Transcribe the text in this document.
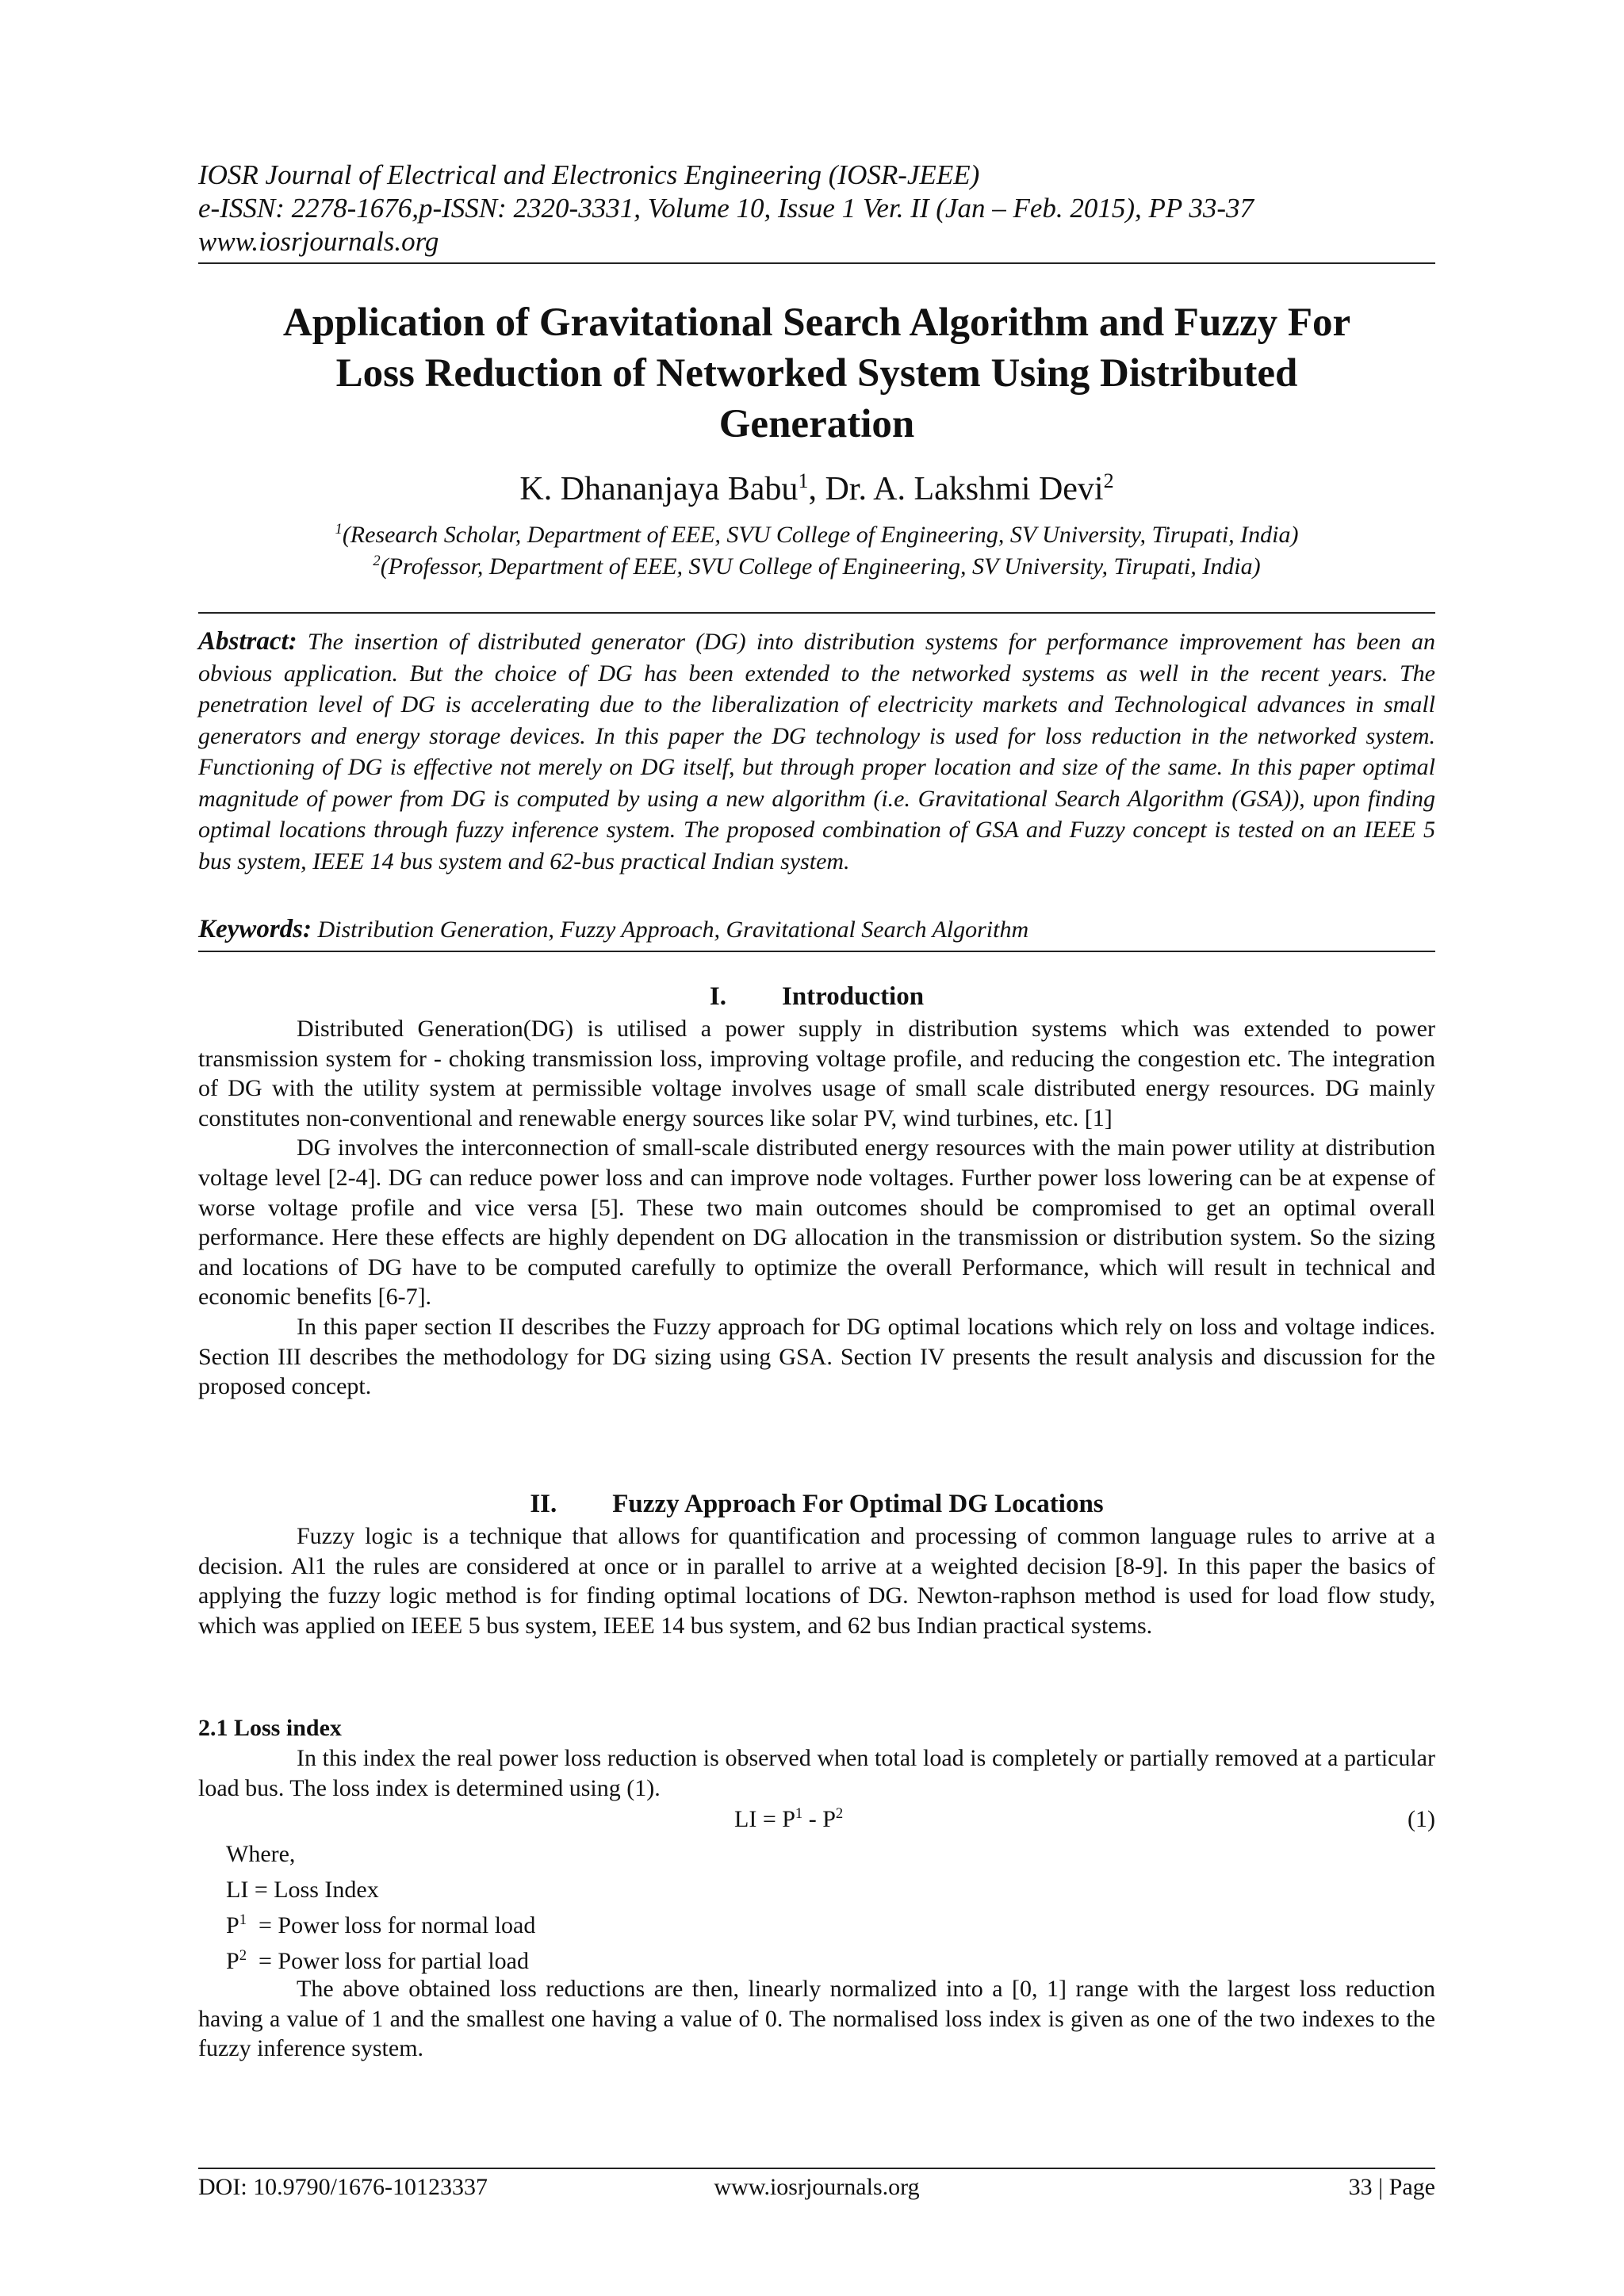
IOSR Journal of Electrical and Electronics Engineering (IOSR-JEEE)
e-ISSN: 2278-1676,p-ISSN: 2320-3331, Volume 10, Issue 1 Ver. II (Jan – Feb. 2015), PP 33-37
www.iosrjournals.org
Application of Gravitational Search Algorithm and Fuzzy For
Loss Reduction of Networked System Using Distributed
Generation
K. Dhananjaya Babu$^1$, Dr. A. Lakshmi Devi$^2$
$^1$(Research Scholar, Department of EEE, SVU College of Engineering, SV University, Tirupati, India)
$^2$(Professor, Department of EEE, SVU College of Engineering, SV University, Tirupati, India)
Abstract: The insertion of distributed generator (DG) into distribution systems for performance improvement has been an obvious application. But the choice of DG has been extended to the networked systems as well in the recent years. The penetration level of DG is accelerating due to the liberalization of electricity markets and Technological advances in small generators and energy storage devices. In this paper the DG technology is used for loss reduction in the networked system. Functioning of DG is effective not merely on DG itself, but through proper location and size of the same. In this paper optimal magnitude of power from DG is computed by using a new algorithm (i.e. Gravitational Search Algorithm (GSA)), upon finding optimal locations through fuzzy inference system. The proposed combination of GSA and Fuzzy concept is tested on an IEEE 5 bus system, IEEE 14 bus system and 62-bus practical Indian system.
Keywords: Distribution Generation, Fuzzy Approach, Gravitational Search Algorithm
I. Introduction

Distributed Generation(DG) is utilised a power supply in distribution systems which was extended to power transmission system for - choking transmission loss, improving voltage profile, and reducing the congestion etc. The integration of DG with the utility system at permissible voltage involves usage of small scale distributed energy resources. DG mainly constitutes non-conventional and renewable energy sources like solar PV, wind turbines, etc. [1]

DG involves the interconnection of small-scale distributed energy resources with the main power utility at distribution voltage level [2-4]. DG can reduce power loss and can improve node voltages. Further power loss lowering can be at expense of worse voltage profile and vice versa [5]. These two main outcomes should be compromised to get an optimal overall performance. Here these effects are highly dependent on DG allocation in the transmission or distribution system. So the sizing and locations of DG have to be computed carefully to optimize the overall Performance, which will result in technical and economic benefits [6-7].

In this paper section II describes the Fuzzy approach for DG optimal locations which rely on loss and voltage indices. Section III describes the methodology for DG sizing using GSA. Section IV presents the result analysis and discussion for the proposed concept.

II. Fuzzy Approach For Optimal DG Locations

Fuzzy logic is a technique that allows for quantification and processing of common language rules to arrive at a decision. Al1 the rules are considered at once or in parallel to arrive at a weighted decision [8-9]. In this paper the basics of applying the fuzzy logic method is for finding optimal locations of DG. Newton-raphson method is used for load flow study, which was applied on IEEE 5 bus system, IEEE 14 bus system, and 62 bus Indian practical systems.

2.1 Loss index

In this index the real power loss reduction is observed when total load is completely or partially removed at a particular load bus. The loss index is determined using (1).

LI = $P^1 - P^2$	(1)
Where,
LI = Loss Index
$P^1$  = Power loss for normal load
$P^2$  = Power loss for partial load

The above obtained loss reductions are then, linearly normalized into a [0, 1] range with the largest loss reduction having a value of 1 and the smallest one having a value of 0. The normalised loss index is given as one of the two indexes to the fuzzy inference system.

DOI: 10.9790/1676-10123337	www.iosrjournals.org	33 | Page
